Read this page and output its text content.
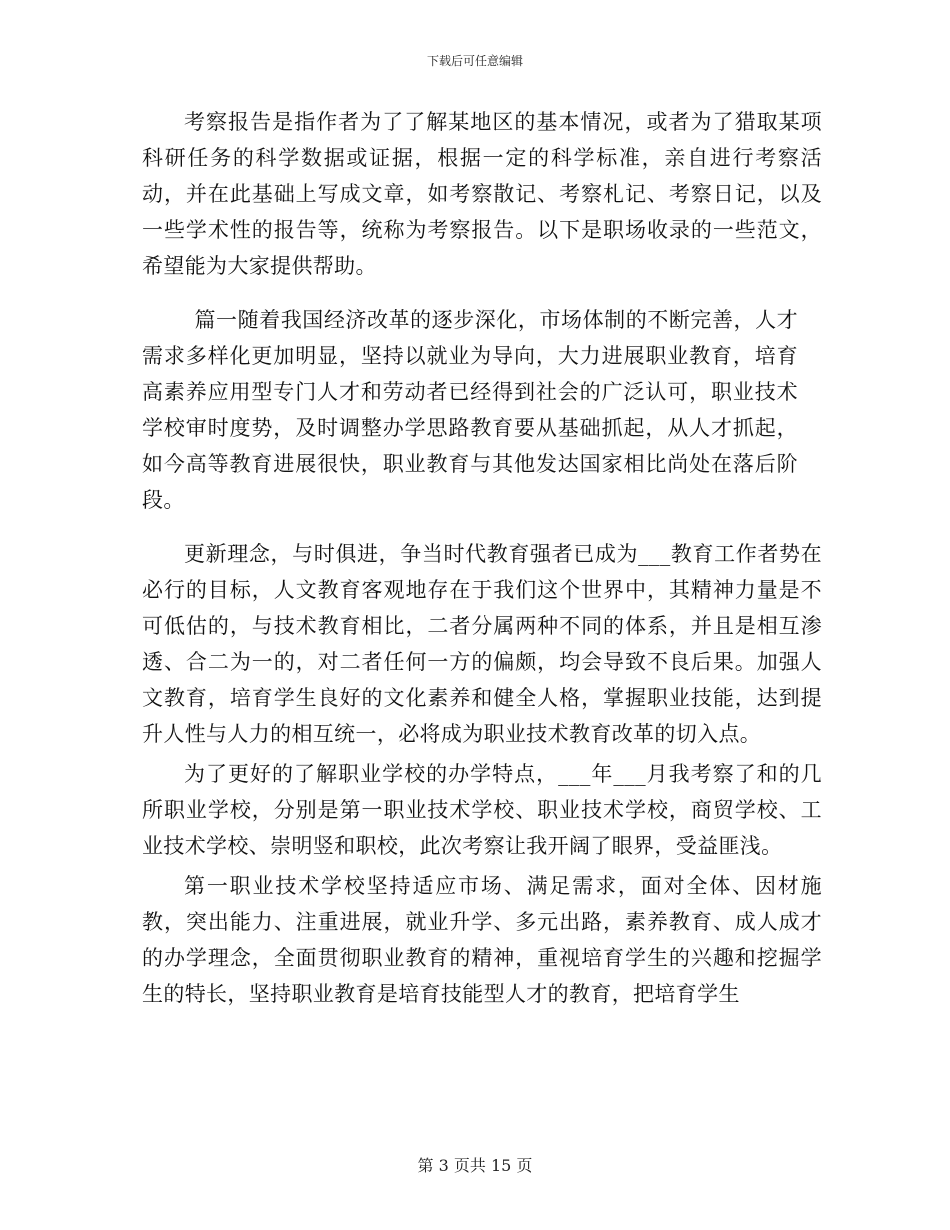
下载后可任意编辑

考察报告是指作者为了了解某地区的基本情况，或者为了猎取某项科研任务的科学数据或证据，根据一定的科学标准，亲自进行考察活动，并在此基础上写成文章，如考察散记、考察札记、考察日记，以及一些学术性的报告等，统称为考察报告。以下是职场收录的一些范文，希望能为大家提供帮助。

篇一随着我国经济改革的逐步深化，市场体制的不断完善，人才需求多样化更加明显，坚持以就业为导向，大力进展职业教育，培育高素养应用型专门人才和劳动者已经得到社会的广泛认可，职业技术学校审时度势，及时调整办学思路教育要从基础抓起，从人才抓起，如今高等教育进展很快，职业教育与其他发达国家相比尚处在落后阶段。

更新理念，与时俱进，争当时代教育强者已成为___教育工作者势在必行的目标，人文教育客观地存在于我们这个世界中，其精神力量是不可低估的，与技术教育相比，二者分属两种不同的体系，并且是相互渗透、合二为一的，对二者任何一方的偏颇，均会导致不良后果。加强人文教育，培育学生良好的文化素养和健全人格，掌握职业技能，达到提升人性与人力的相互统一，必将成为职业技术教育改革的切入点。

为了更好的了解职业学校的办学特点，___年___月我考察了和的几所职业学校，分别是第一职业技术学校、职业技术学校，商贸学校、工业技术学校、崇明竖和职校，此次考察让我开阔了眼界，受益匪浅。

第一职业技术学校坚持适应市场、满足需求，面对全体、因材施教，突出能力、注重进展，就业升学、多元出路，素养教育、成人成才的办学理念，全面贯彻职业教育的精神，重视培育学生的兴趣和挖掘学生的特长，坚持职业教育是培育技能型人才的教育，把培育学生

第 3 页共 15 页
